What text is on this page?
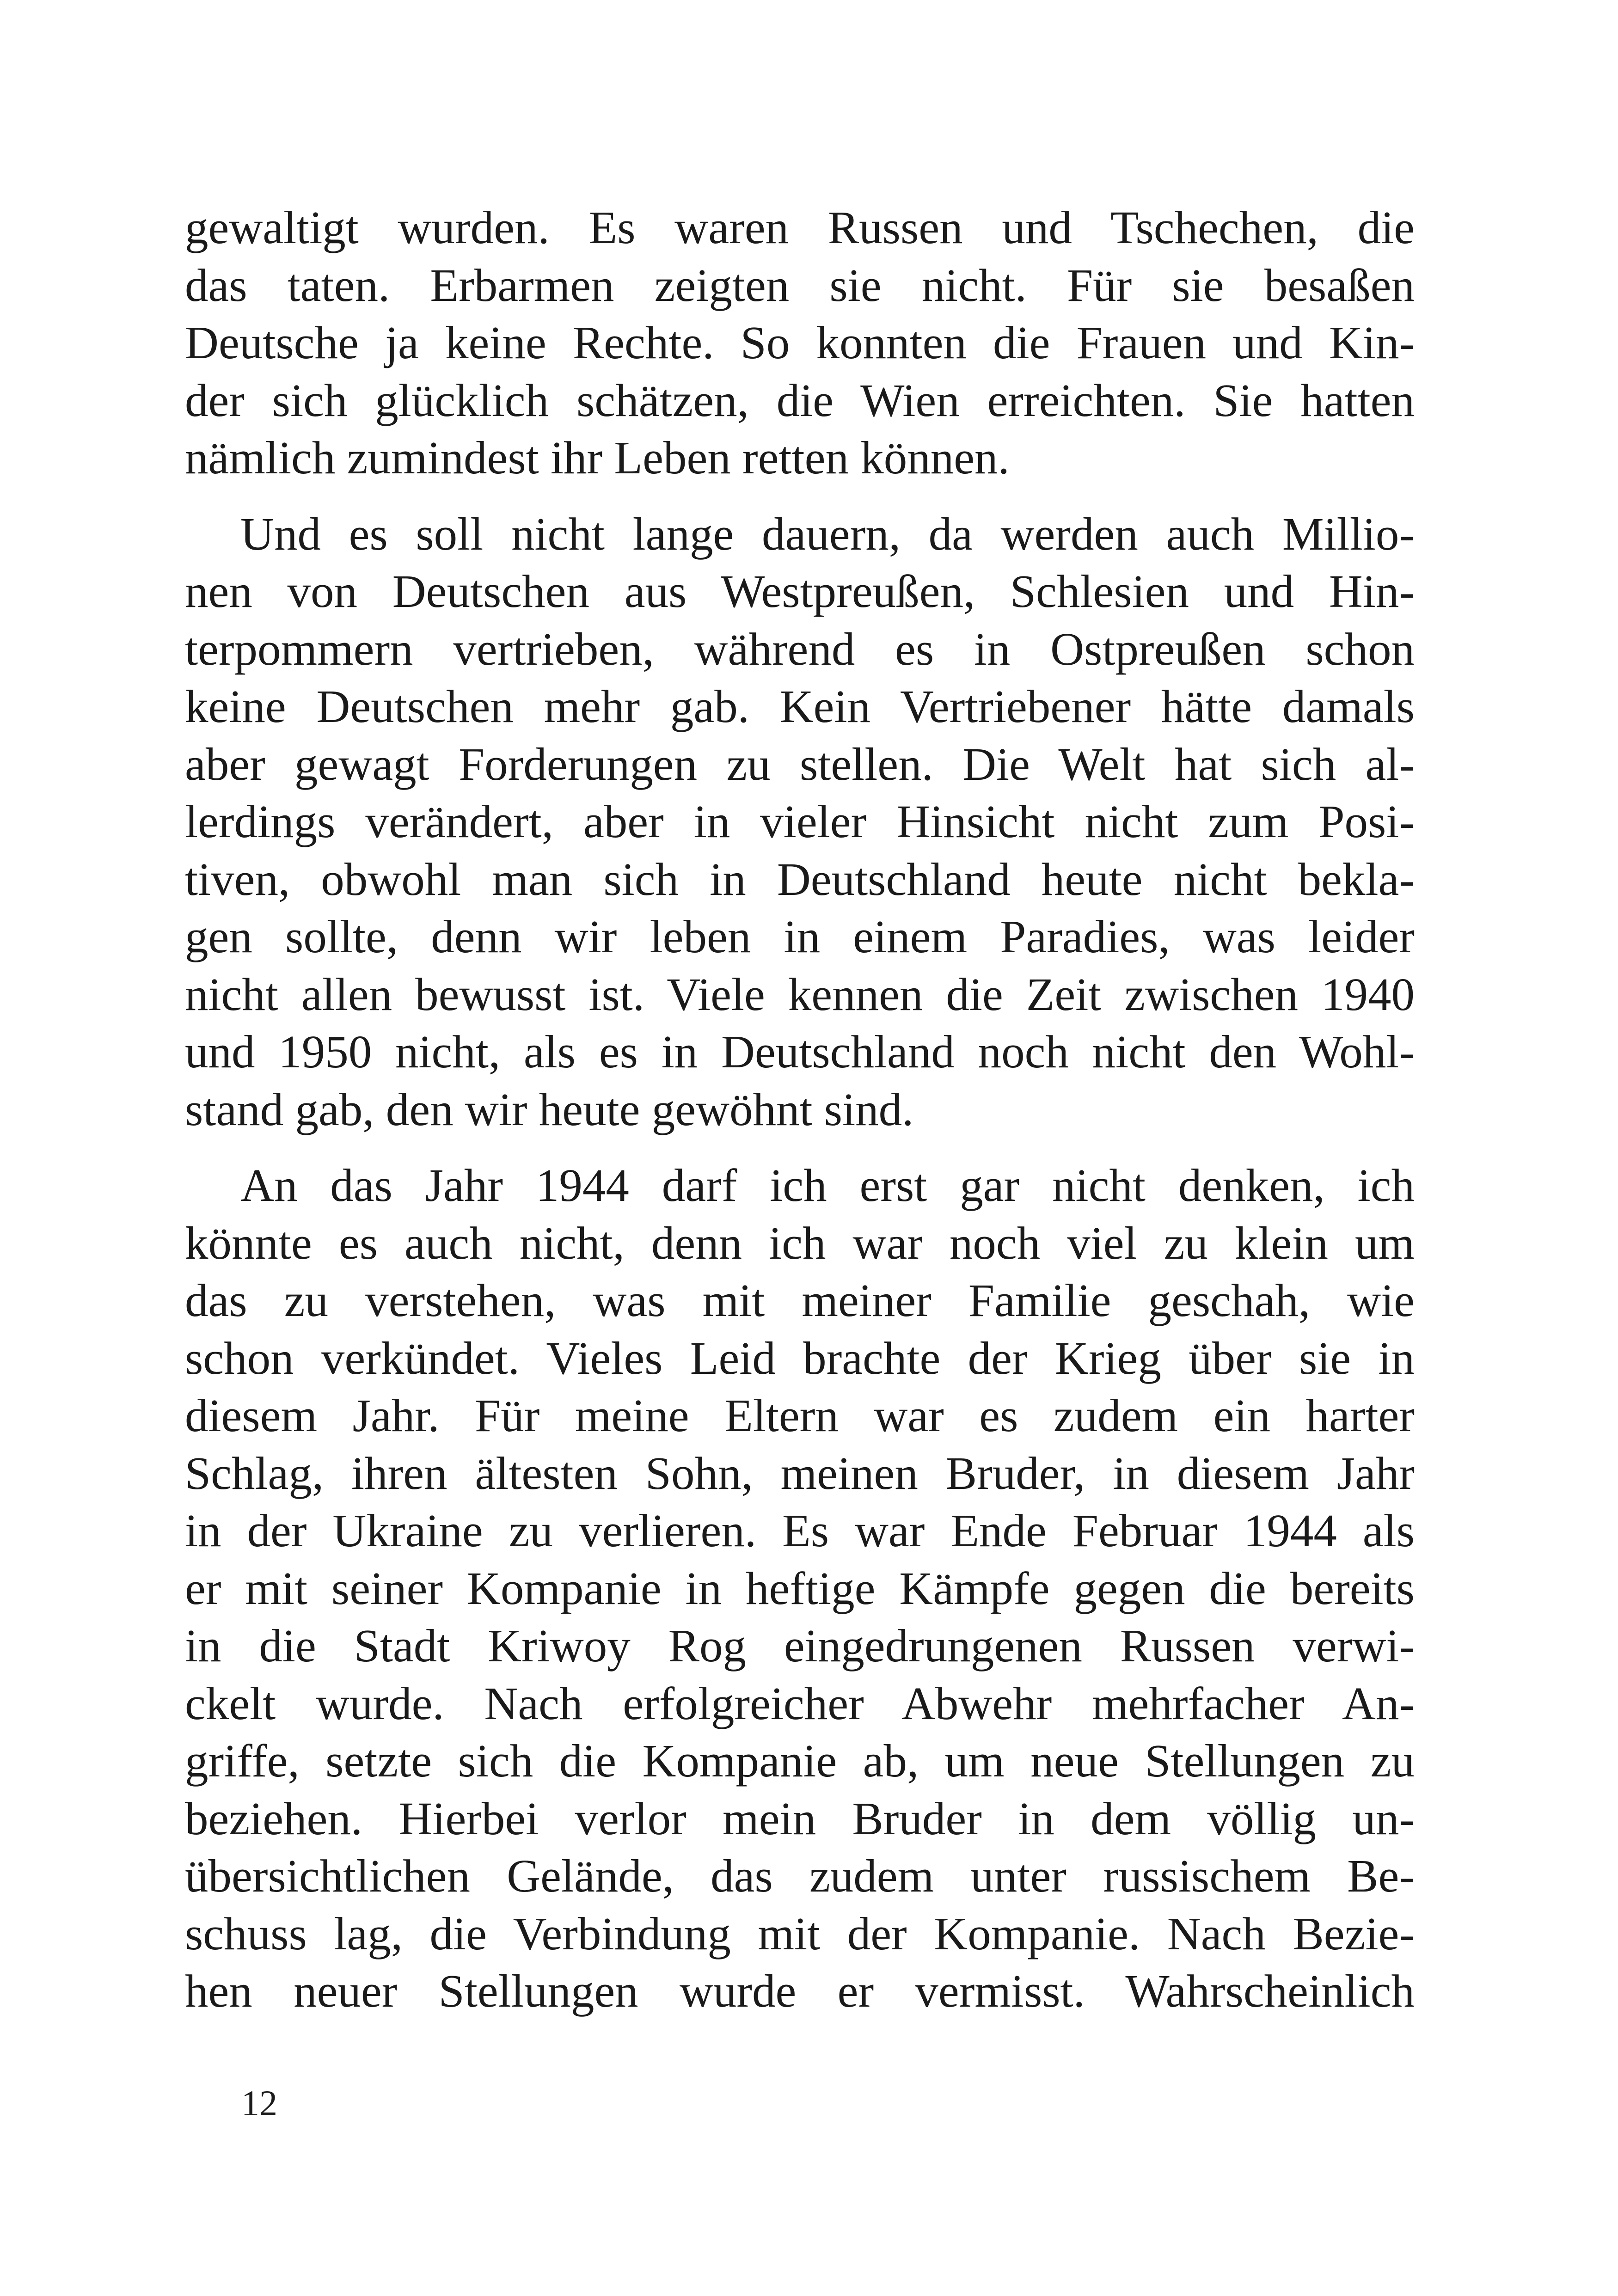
gewaltigt wurden. Es waren Russen und Tschechen, die
das taten. Erbarmen zeigten sie nicht. Für sie besaßen
Deutsche ja keine Rechte. So konnten die Frauen und Kin-
der sich glücklich schätzen, die Wien erreichten. Sie hatten
nämlich zumindest ihr Leben retten können.
Und es soll nicht lange dauern, da werden auch Millio-
nen von Deutschen aus Westpreußen, Schlesien und Hin-
terpommern vertrieben, während es in Ostpreußen schon
keine Deutschen mehr gab. Kein Vertriebener hätte damals
aber gewagt Forderungen zu stellen. Die Welt hat sich al-
lerdings verändert, aber in vieler Hinsicht nicht zum Posi-
tiven, obwohl man sich in Deutschland heute nicht bekla-
gen sollte, denn wir leben in einem Paradies, was leider
nicht allen bewusst ist. Viele kennen die Zeit zwischen 1940
und 1950 nicht, als es in Deutschland noch nicht den Wohl-
stand gab, den wir heute gewöhnt sind.
An das Jahr 1944 darf ich erst gar nicht denken, ich
könnte es auch nicht, denn ich war noch viel zu klein um
das zu verstehen, was mit meiner Familie geschah, wie
schon verkündet. Vieles Leid brachte der Krieg über sie in
diesem Jahr. Für meine Eltern war es zudem ein harter
Schlag, ihren ältesten Sohn, meinen Bruder, in diesem Jahr
in der Ukraine zu verlieren. Es war Ende Februar 1944 als
er mit seiner Kompanie in heftige Kämpfe gegen die bereits
in die Stadt Kriwoy Rog eingedrungenen Russen verwi-
ckelt wurde. Nach erfolgreicher Abwehr mehrfacher An-
griffe, setzte sich die Kompanie ab, um neue Stellungen zu
beziehen. Hierbei verlor mein Bruder in dem völlig un-
übersichtlichen Gelände, das zudem unter russischem Be-
schuss lag, die Verbindung mit der Kompanie. Nach Bezie-
hen neuer Stellungen wurde er vermisst. Wahrscheinlich
12
